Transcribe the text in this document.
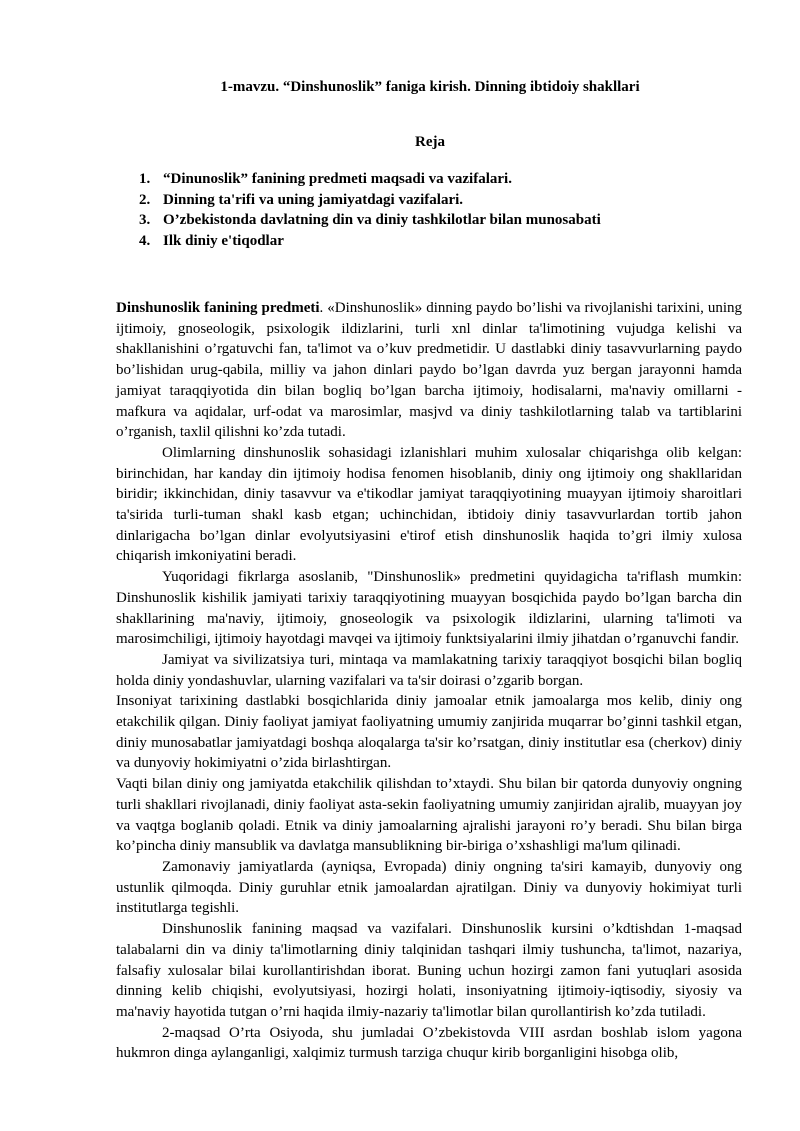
1-mavzu. “Dinshunoslik” faniga kirish. Dinning ibtidoiy shakllari

Reja

1. “Dinunoslik” fanining predmeti maqsadi va vazifalari.
2. Dinning ta'rifi va uning jamiyatdagi vazifalari.
3. O’zbekistonda davlatning din va diniy tashkilotlar bilan munosabati
4. Ilk diniy e'tiqodlar

Dinshunoslik fanining predmeti. «Dinshunoslik» dinning paydo bo’lishi va rivojlanishi tarixini, uning ijtimoiy, gnoseologik, psixologik ildizlarini, turli xnl dinlar ta'limotining vujudga kelishi va shakllanishini o’rgatuvchi fan, ta'limot va o’kuv predmetidir. U dastlabki diniy tasavvurlarning paydo bo’lishidan urug-qabila, milliy va jahon dinlari paydo bo’lgan davrda yuz bergan jarayonni hamda jamiyat taraqqiyotida din bilan bogliq bo’lgan barcha ijtimoiy, hodisalarni, ma'naviy omillarni - mafkura va aqidalar, urf-odat va marosimlar, masjvd va diniy tashkilotlarning talab va tartiblarini o’rganish, taxlil qilishni ko’zda tutadi.

Olimlarning dinshunoslik sohasidagi izlanishlari muhim xulosalar chiqarishga olib kelgan: birinchidan, har kanday din ijtimoiy hodisa fenomen hisoblanib, diniy ong ijtimoiy ong shakllaridan biridir; ikkinchidan, diniy tasavvur va e'tikodlar jamiyat taraqqiyotining muayyan ijtimoiy sharoitlari ta'sirida turli-tuman shakl kasb etgan; uchinchidan, ibtidoiy diniy tasavvurlardan tortib jahon dinlarigacha bo’lgan dinlar evolyutsiyasini e'tirof etish dinshunoslik haqida to’gri ilmiy xulosa chiqarish imkoniyatini beradi.

Yuqoridagi fikrlarga asoslanib, "Dinshunoslik» predmetini quyidagicha ta'riflash mumkin: Dinshunoslik kishilik jamiyati tarixiy taraqqiyotining muayyan bosqichida paydo bo’lgan barcha din shakllarining ma'naviy, ijtimoiy, gnoseologik va psixologik ildizlarini, ularning ta'limoti va marosimchiligi, ijtimoiy hayotdagi mavqei va ijtimoiy funktsiyalarini ilmiy jihatdan o’rganuvchi fandir.

Jamiyat va sivilizatsiya turi, mintaqa va mamlakatning tarixiy taraqqiyot bosqichi bilan bogliq holda diniy yondashuvlar, ularning vazifalari va ta'sir doirasi o’zgarib borgan.

Insoniyat tarixining dastlabki bosqichlarida diniy jamoalar etnik jamoalarga mos kelib, diniy ong etakchilik qilgan. Diniy faoliyat jamiyat faoliyatning umumiy zanjirida muqarrar bo’ginni tashkil etgan, diniy munosabatlar jamiyatdagi boshqa aloqalarga ta'sir ko’rsatgan, diniy institutlar esa (cherkov) diniy va dunyoviy hokimiyatni o’zida birlashtirgan.

Vaqti bilan diniy ong jamiyatda etakchilik qilishdan to’xtaydi. Shu bilan bir qatorda dunyoviy ongning turli shakllari rivojlanadi, diniy faoliyat asta-sekin faoliyatning umumiy zanjiridan ajralib, muayyan joy va vaqtga boglanib qoladi. Etnik va diniy jamoalarning ajralishi jarayoni ro’y beradi. Shu bilan birga ko’pincha diniy mansublik va davlatga mansublikning bir-biriga o’xshashligi ma'lum qilinadi.

Zamonaviy jamiyatlarda (ayniqsa, Evropada) diniy ongning ta'siri kamayib, dunyoviy ong ustunlik qilmoqda. Diniy guruhlar etnik jamoalardan ajratilgan. Diniy va dunyoviy hokimiyat turli institutlarga tegishli.

Dinshunoslik fanining maqsad va vazifalari. Dinshunoslik kursini o’kdtishdan 1-maqsad talabalarni din va diniy ta'limotlarning diniy talqinidan tashqari ilmiy tushuncha, ta'limot, nazariya, falsafiy xulosalar bilai kurollantirishdan iborat. Buning uchun hozirgi zamon fani yutuqlari asosida dinning kelib chiqishi, evolyutsiyasi, hozirgi holati, insoniyatning ijtimoiy-iqtisodiy, siyosiy va ma'naviy hayotida tutgan o’rni haqida ilmiy-nazariy ta'limotlar bilan qurollantirish ko’zda tutiladi.

2-maqsad O’rta Osiyoda, shu jumladai O’zbekistovda VIII asrdan boshlab islom yagona hukmron dinga aylanganligi, xalqimiz turmush tarziga chuqur kirib borganligini hisobga olib,
